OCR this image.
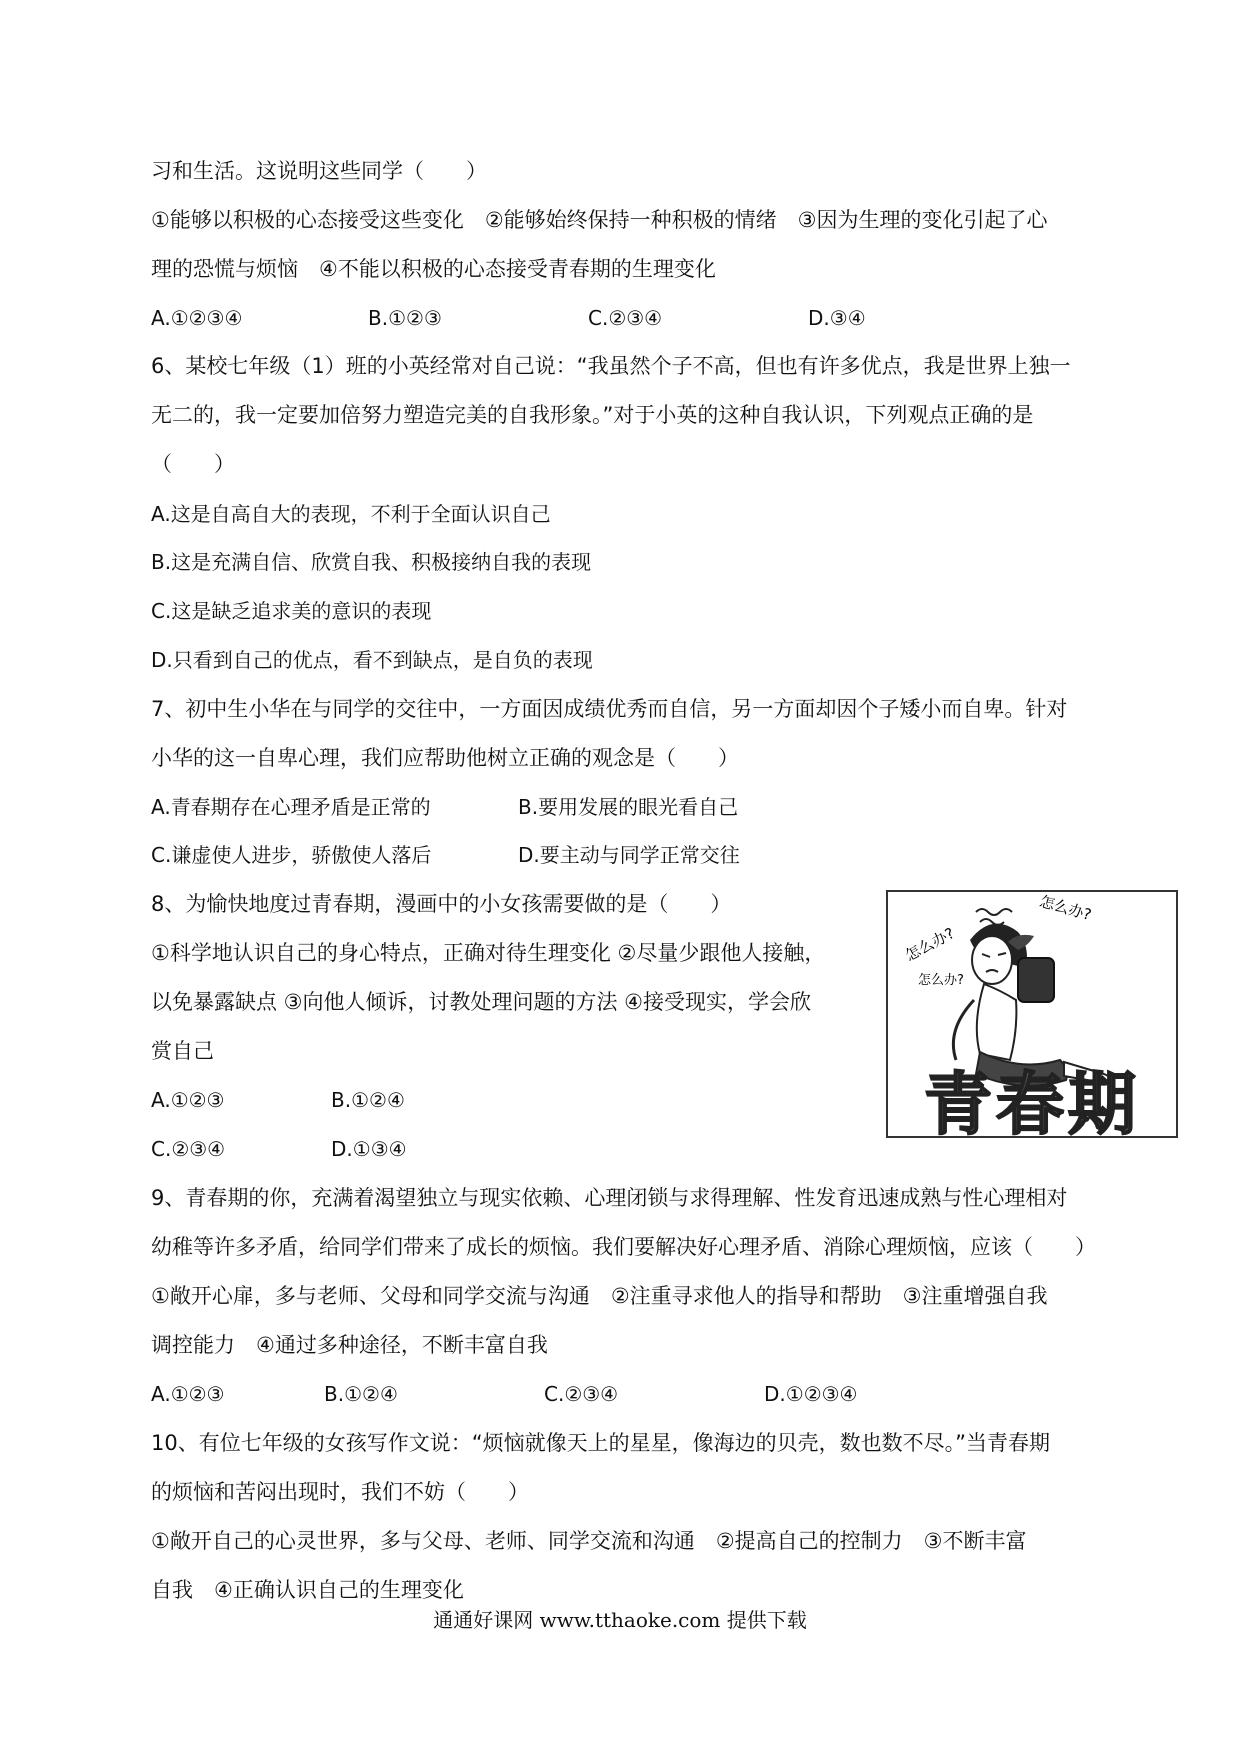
习和生活。这说明这些同学（　　）
①能够以积极的心态接受这些变化　②能够始终保持一种积极的情绪　③因为生理的变化引起了心
理的恐慌与烦恼　④不能以积极的心态接受青春期的生理变化
A.①②③④	B.①②③	C.②③④	D.③④
6、某校七年级（1）班的小英经常对自己说：“我虽然个子不高，但也有许多优点，我是世界上独一
无二的，我一定要加倍努力塑造完美的自我形象。”对于小英的这种自我认识，下列观点正确的是
（　　）
A.这是自高自大的表现，不利于全面认识自己
B.这是充满自信、欣赏自我、积极接纳自我的表现
C.这是缺乏追求美的意识的表现
D.只看到自己的优点，看不到缺点，是自负的表现
7、初中生小华在与同学的交往中，一方面因成绩优秀而自信，另一方面却因个子矮小而自卑。针对
小华的这一自卑心理，我们应帮助他树立正确的观念是（　　）
A.青春期存在心理矛盾是正常的	B.要用发展的眼光看自己
C.谦虚使人进步，骄傲使人落后	D.要主动与同学正常交往
8、为愉快地度过青春期，漫画中的小女孩需要做的是（　　）
①科学地认识自己的身心特点，正确对待生理变化 ②尽量少跟他人接触，
以免暴露缺点 ③向他人倾诉，讨教处理问题的方法 ④接受现实，学会欣
赏自己
A.①②③	B.①②④
C.②③④	D.①③④
怎么办?
怎么办?
怎么办?
青春期
9、青春期的你，充满着渴望独立与现实依赖、心理闭锁与求得理解、性发育迅速成熟与性心理相对
幼稚等许多矛盾，给同学们带来了成长的烦恼。我们要解决好心理矛盾、消除心理烦恼，应该（　　）
①敞开心扉，多与老师、父母和同学交流与沟通　②注重寻求他人的指导和帮助　③注重增强自我
调控能力　④通过多种途径，不断丰富自我
A.①②③	B.①②④	C.②③④	D.①②③④
10、有位七年级的女孩写作文说：“烦恼就像天上的星星，像海边的贝壳，数也数不尽。”当青春期
的烦恼和苦闷出现时，我们不妨（　　）
①敞开自己的心灵世界，多与父母、老师、同学交流和沟通　②提高自己的控制力　③不断丰富
自我　④正确认识自己的生理变化
通通好课网 www.tthaoke.com 提供下载
